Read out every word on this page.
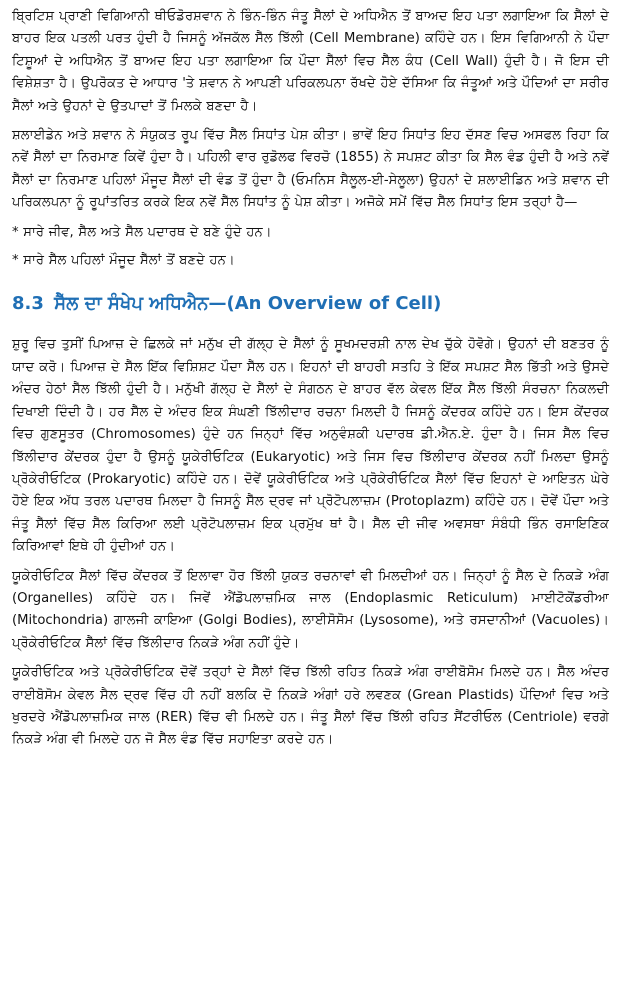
ਬ੍ਰਿਟਿਸ਼ ਪ੍ਰਾਣੀ ਵਿਗਿਆਨੀ ਥੀਓਡੋਰਸ਼ਵਾਨ ਨੇ ਭਿੰਨ-ਭਿੰਨ ਜੰਤੂ ਸੈੱਲਾਂ ਦੇ ਅਧਿਐਨ ਤੋਂ ਬਾਅਦ ਇਹ ਪਤਾ ਲਗਾਇਆ ਕਿ ਸੈੱਲਾਂ ਦੇ ਬਾਹਰ ਇਕ ਪਤਲੀ ਪਰਤ ਹੁੰਦੀ ਹੈ ਜਿਸਨੂੰ ਅੱਜਕੱਲ ਸੈੱਲ ਝਿੱਲੀ (Cell Membrane) ਕਹਿੰਦੇ ਹਨ। ਇਸ ਵਿਗਿਆਨੀ ਨੇ ਪੌਦਾ ਟਿਸ਼ੂਆਂ ਦੇ ਅਧਿਐਨ ਤੋਂ ਬਾਅਦ ਇਹ ਪਤਾ ਲਗਾਇਆ ਕਿ ਪੌਦਾ ਸੈੱਲਾਂ ਵਿਚ ਸੈੱਲ ਕੰਧ (Cell Wall) ਹੁੰਦੀ ਹੈ। ਜੋ ਇਸ ਦੀ ਵਿਸ਼ੇਸ਼ਤਾ ਹੈ। ਉਪਰੋਕਤ ਦੇ ਆਧਾਰ 'ਤੇ ਸ਼ਵਾਨ ਨੇ ਆਪਣੀ ਪਰਿਕਲਪਨਾ ਰੱਖਦੇ ਹੋਏ ਦੱਸਿਆ ਕਿ ਜੰਤੂਆਂ ਅਤੇ ਪੌਦਿਆਂ ਦਾ ਸਰੀਰ ਸੈੱਲਾਂ ਅਤੇ ਉਹਨਾਂ ਦੇ ਉਤਪਾਦਾਂ ਤੋਂ ਮਿਲਕੇ ਬਣਦਾ ਹੈ।

ਸ਼ਲਾਈਡੇਨ ਅਤੇ ਸ਼ਵਾਨ ਨੇ ਸੰਯੁਕਤ ਰੂਪ ਵਿੱਚ ਸੈੱਲ ਸਿਧਾਂਤ ਪੇਸ਼ ਕੀਤਾ। ਭਾਵੇਂ ਇਹ ਸਿਧਾਂਤ ਇਹ ਦੱਸਣ ਵਿਚ ਅਸਫਲ ਰਿਹਾ ਕਿ ਨਵੇਂ ਸੈੱਲਾਂ ਦਾ ਨਿਰਮਾਣ ਕਿਵੇਂ ਹੁੰਦਾ ਹੈ। ਪਹਿਲੀ ਵਾਰ ਰੁਡੋਲਫ ਵਿਰਚੋ (1855) ਨੇ ਸਪਸ਼ਟ ਕੀਤਾ ਕਿ ਸੈੱਲ ਵੰਡ ਹੁੰਦੀ ਹੈ ਅਤੇ ਨਵੇਂ ਸੈੱਲਾਂ ਦਾ ਨਿਰਮਾਣ ਪਹਿਲਾਂ ਮੌਜੂਦ ਸੈੱਲਾਂ ਦੀ ਵੰਡ ਤੋਂ ਹੁੰਦਾ ਹੈ (ਓਮਨਿਸ ਸੈਲੂਲ-ਈ-ਸੇਲੂਲਾ) ਉਹਨਾਂ ਦੇ ਸ਼ਲਾਈਡਿਨ ਅਤੇ ਸ਼ਵਾਨ ਦੀ ਪਰਿਕਲਪਨਾ ਨੂੰ ਰੂਪਾਂਤਰਿਤ ਕਰਕੇ ਇਕ ਨਵੇਂ ਸੈੱਲ ਸਿਧਾਂਤ ਨੂੰ ਪੇਸ਼ ਕੀਤਾ। ਅਜੋਕੇ ਸਮੇਂ ਵਿੱਚ ਸੈੱਲ ਸਿਧਾਂਤ ਇਸ ਤਰ੍ਹਾਂ ਹੈ—

* ਸਾਰੇ ਜੀਵ, ਸੈੱਲ ਅਤੇ ਸੈੱਲ ਪਦਾਰਥ ਦੇ ਬਣੇ ਹੁੰਦੇ ਹਨ।

* ਸਾਰੇ ਸੈੱਲ ਪਹਿਲਾਂ ਮੌਜੂਦ ਸੈੱਲਾਂ ਤੋਂ ਬਣਦੇ ਹਨ।

8.3 ਸੈੱਲ ਦਾ ਸੰਖੇਪ ਅਧਿਐਨ—(An Overview of Cell)

ਸ਼ੁਰੂ ਵਿਚ ਤੁਸੀਂ ਪਿਆਜ਼ ਦੇ ਛਿਲਕੇ ਜਾਂ ਮਨੁੱਖ ਦੀ ਗੱਲ੍ਹ ਦੇ ਸੈੱਲਾਂ ਨੂੰ ਸੂਖਮਦਰਸ਼ੀ ਨਾਲ ਦੇਖ ਚੁੱਕੇ ਹੋਵੋਗੇ। ਉਹਨਾਂ ਦੀ ਬਣਤਰ ਨੂੰ ਯਾਦ ਕਰੋ। ਪਿਆਜ਼ ਦੇ ਸੈੱਲ ਇੱਕ ਵਿਸ਼ਿਸ਼ਟ ਪੌਦਾ ਸੈੱਲ ਹਨ। ਇਹਨਾਂ ਦੀ ਬਾਹਰੀ ਸਤਹਿ ਤੇ ਇੱਕ ਸਪਸ਼ਟ ਸੈੱਲ ਭਿੱਤੀ ਅਤੇ ਉਸਦੇ ਅੰਦਰ ਹੇਠਾਂ ਸੈੱਲ ਝਿੱਲੀ ਹੁੰਦੀ ਹੈ। ਮਨੁੱਖੀ ਗੱਲ੍ਹ ਦੇ ਸੈੱਲਾਂ ਦੇ ਸੰਗਠਨ ਦੇ ਬਾਹਰ ਵੱਲ ਕੇਵਲ ਇੱਕ ਸੈੱਲ ਝਿੱਲੀ ਸੰਰਚਨਾ ਨਿਕਲਦੀ ਦਿਖਾਈ ਦਿੰਦੀ ਹੈ। ਹਰ ਸੈੱਲ ਦੇ ਅੰਦਰ ਇਕ ਸੰਘਣੀ ਝਿੱਲੀਦਾਰ ਰਚਨਾ ਮਿਲਦੀ ਹੈ ਜਿਸਨੂੰ ਕੇਂਦਰਕ ਕਹਿੰਦੇ ਹਨ। ਇਸ ਕੇਂਦਰਕ ਵਿਚ ਗੁਣਸੂਤਰ (Chromosomes) ਹੁੰਦੇ ਹਨ ਜਿਨ੍ਹਾਂ ਵਿੱਚ ਅਨੁਵੰਸ਼ਕੀ ਪਦਾਰਥ ਡੀ.ਐਨ.ਏ. ਹੁੰਦਾ ਹੈ। ਜਿਸ ਸੈੱਲ ਵਿਚ ਝਿੱਲੀਦਾਰ ਕੇਂਦਰਕ ਹੁੰਦਾ ਹੈ ਉਸਨੂੰ ਯੂਕੇਰੀਓਟਿਕ (Eukaryotic) ਅਤੇ ਜਿਸ ਵਿਚ ਝਿੱਲੀਦਾਰ ਕੇਂਦਰਕ ਨਹੀਂ ਮਿਲਦਾ ਉਸਨੂੰ ਪ੍ਰੋਕੇਰੀਓਟਿਕ (Prokaryotic) ਕਹਿੰਦੇ ਹਨ। ਦੋਵੇਂ ਯੂਕੇਰੀਓਟਿਕ ਅਤੇ ਪ੍ਰੋਕੇਰੀਓਟਿਕ ਸੈੱਲਾਂ ਵਿੱਚ ਇਹਨਾਂ ਦੇ ਆਇਤਨ ਘੇਰੇ ਹੋਏ ਇਕ ਅੱਧ ਤਰਲ ਪਦਾਰਥ ਮਿਲਦਾ ਹੈ ਜਿਸਨੂੰ ਸੈੱਲ ਦ੍ਰਵ ਜਾਂ ਪ੍ਰੋਟੋਪਲਾਜ਼ਮ (Protoplazm) ਕਹਿੰਦੇ ਹਨ। ਦੋਵੇਂ ਪੌਦਾ ਅਤੇ ਜੰਤੂ ਸੈੱਲਾਂ ਵਿੱਚ ਸੈੱਲ ਕਿਰਿਆ ਲਈ ਪ੍ਰੋਟੋਪਲਾਜ਼ਮ ਇਕ ਪ੍ਰਮੁੱਖ ਥਾਂ ਹੈ। ਸੈੱਲ ਦੀ ਜੀਵ ਅਵਸਥਾ ਸੰਬੰਧੀ ਭਿੰਨ ਰਸਾਇਣਿਕ ਕਿਰਿਆਵਾਂ ਇਥੇ ਹੀ ਹੁੰਦੀਆਂ ਹਨ।

ਯੂਕੇਰੀਓਟਿਕ ਸੈੱਲਾਂ ਵਿੱਚ ਕੇਂਦਰਕ ਤੋਂ ਇਲਾਵਾ ਹੋਰ ਝਿੱਲੀ ਯੁਕਤ ਰਚਨਾਵਾਂ ਵੀ ਮਿਲਦੀਆਂ ਹਨ। ਜਿਨ੍ਹਾਂ ਨੂੰ ਸੈੱਲ ਦੇ ਨਿਕੜੇ ਅੰਗ (Organelles) ਕਹਿੰਦੇ ਹਨ। ਜਿਵੇਂ ਐਂਡੋਪਲਾਜ਼ਮਿਕ ਜਾਲ (Endoplasmic Reticulum) ਮਾਈਟੋਕੋਂਡਰੀਆ (Mitochondria) ਗਾਲਜੀ ਕਾਇਆ (Golgi Bodies), ਲਾਈਸੋਸੋਮ (Lysosome), ਅਤੇ ਰਸਦਾਨੀਆਂ (Vacuoles)। ਪ੍ਰੋਕੇਰੀਓਟਿਕ ਸੈੱਲਾਂ ਵਿੱਚ ਝਿੱਲੀਦਾਰ ਨਿਕੜੇ ਅੰਗ ਨਹੀਂ ਹੁੰਦੇ।

ਯੂਕੇਰੀਓਟਿਕ ਅਤੇ ਪ੍ਰੋਕੇਰੀਓਟਿਕ ਦੋਵੇਂ ਤਰ੍ਹਾਂ ਦੇ ਸੈੱਲਾਂ ਵਿੱਚ ਝਿੱਲੀ ਰਹਿਤ ਨਿਕੜੇ ਅੰਗ ਰਾਈਬੋਸੋਮ ਮਿਲਦੇ ਹਨ। ਸੈੱਲ ਅੰਦਰ ਰਾਈਬੋਸੋਮ ਕੇਵਲ ਸੈਲ ਦ੍ਰਵ ਵਿੱਚ ਹੀ ਨਹੀਂ ਬਲਕਿ ਦੋ ਨਿਕੜੇ ਅੰਗਾਂ ਹਰੇ ਲਵਣਕ (Grean Plastids) ਪੌਦਿਆਂ ਵਿਚ ਅਤੇ ਖੁਰਦਰੇ ਐਂਡੋਪਲਾਜ਼ਮਿਕ ਜਾਲ (RER) ਵਿੱਚ ਵੀ ਮਿਲਦੇ ਹਨ। ਜੰਤੂ ਸੈੱਲਾਂ ਵਿੱਚ ਝਿੱਲੀ ਰਹਿਤ ਸੈਂਟਰੀਓਲ (Centriole) ਵਰਗੇ ਨਿਕੜੇ ਅੰਗ ਵੀ ਮਿਲਦੇ ਹਨ ਜੋ ਸੈੱਲ ਵੰਡ ਵਿੱਚ ਸਹਾਇਤਾ ਕਰਦੇ ਹਨ।
